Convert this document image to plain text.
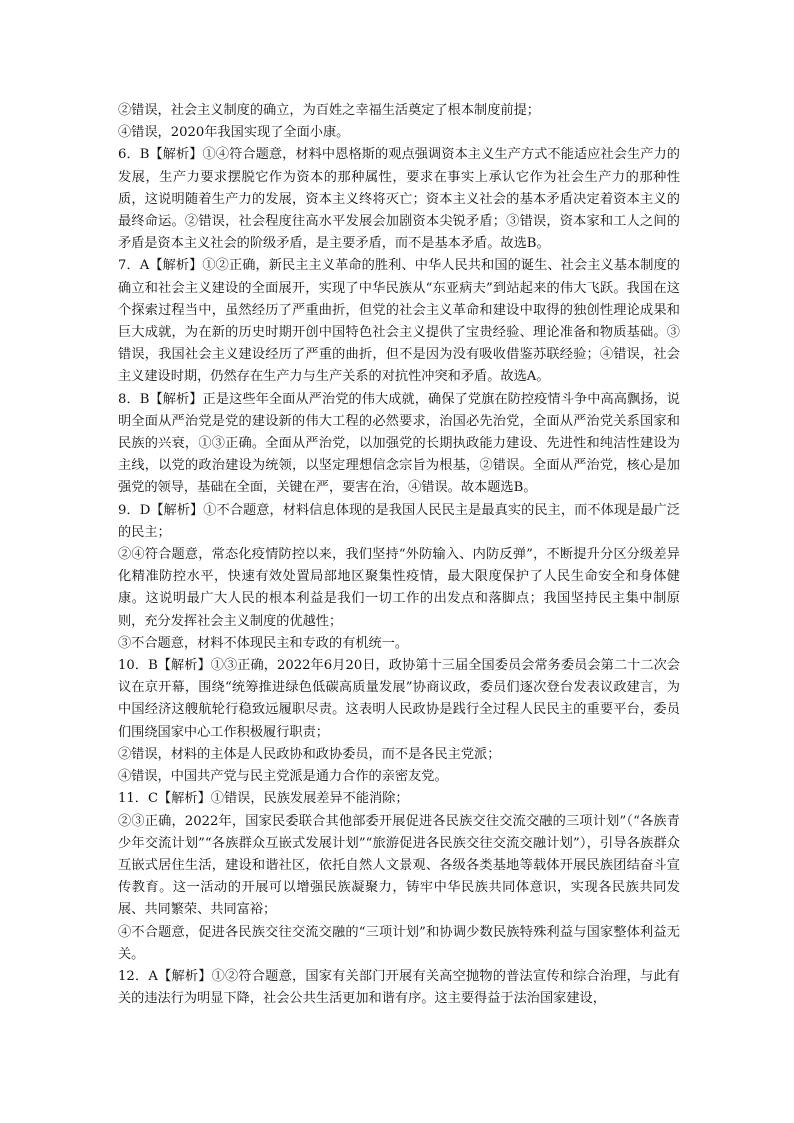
②错误，社会主义制度的确立，为百姓之幸福生活奠定了根本制度前提；

④错误，2020年我国实现了全面小康。

6．B【解析】①④符合题意，材料中恩格斯的观点强调资本主义生产方式不能适应社会生产力的发展，生产力要求摆脱它作为资本的那种属性，要求在事实上承认它作为社会生产力的那种性质，这说明随着生产力的发展，资本主义终将灭亡；资本主义社会的基本矛盾决定着资本主义的最终命运。②错误，社会程度往高水平发展会加剧资本尖锐矛盾；③错误，资本家和工人之间的矛盾是资本主义社会的阶级矛盾，是主要矛盾，而不是基本矛盾。故选B。

7．A【解析】①②正确，新民主主义革命的胜利、中华人民共和国的诞生、社会主义基本制度的确立和社会主义建设的全面展开，实现了中华民族从“东亚病夫”到站起来的伟大飞跃。我国在这个探索过程当中，虽然经历了严重曲折，但党的社会主义革命和建设中取得的独创性理论成果和巨大成就，为在新的历史时期开创中国特色社会主义提供了宝贵经验、理论准备和物质基础。③错误，我国社会主义建设经历了严重的曲折，但不是因为没有吸收借鉴苏联经验；④错误，社会主义建设时期，仍然存在生产力与生产关系的对抗性冲突和矛盾。故选A。

8．B【解析】正是这些年全面从严治党的伟大成就，确保了党旗在防控疫情斗争中高高飘扬，说明全面从严治党是党的建设新的伟大工程的必然要求，治国必先治党，全面从严治党关系国家和民族的兴衰，①③正确。全面从严治党，以加强党的长期执政能力建设、先进性和纯洁性建设为主线，以党的政治建设为统领，以坚定理想信念宗旨为根基，②错误。全面从严治党，核心是加强党的领导，基础在全面，关键在严，要害在治，④错误。故本题选B。

9．D【解析】①不合题意，材料信息体现的是我国人民民主是最真实的民主，而不体现是最广泛的民主；

②④符合题意，常态化疫情防控以来，我们坚持“外防输入、内防反弹”，不断提升分区分级差异化精准防控水平，快速有效处置局部地区聚集性疫情，最大限度保护了人民生命安全和身体健康。这说明最广大人民的根本利益是我们一切工作的出发点和落脚点；我国坚持民主集中制原则，充分发挥社会主义制度的优越性；

③不合题意，材料不体现民主和专政的有机统一。

10．B【解析】①③正确，2022年6月20日，政协第十三届全国委员会常务委员会第二十二次会议在京开幕，围绕“统筹推进绿色低碳高质量发展”协商议政，委员们逐次登台发表议政建言，为中国经济这艘航轮行稳致远履职尽责。这表明人民政协是践行全过程人民民主的重要平台，委员们围绕国家中心工作积极履行职责；

②错误，材料的主体是人民政协和政协委员，而不是各民主党派；

④错误，中国共产党与民主党派是通力合作的亲密友党。

11．C【解析】①错误，民族发展差异不能消除；

②③正确，2022年，国家民委联合其他部委开展促进各民族交往交流交融的三项计划”（“各族青少年交流计划”“各族群众互嵌式发展计划”“旅游促进各民族交往交流交融计划”），引导各族群众互嵌式居住生活，建设和谐社区，依托自然人文景观、各级各类基地等载体开展民族团结奋斗宣传教育。这一活动的开展可以增强民族凝聚力，铸牢中华民族共同体意识，实现各民族共同发展、共同繁荣、共同富裕；

④不合题意，促进各民族交往交流交融的“三项计划”和协调少数民族特殊利益与国家整体利益无关。

12．A【解析】①②符合题意，国家有关部门开展有关高空抛物的普法宣传和综合治理，与此有关的违法行为明显下降，社会公共生活更加和谐有序。这主要得益于法治国家建设，
